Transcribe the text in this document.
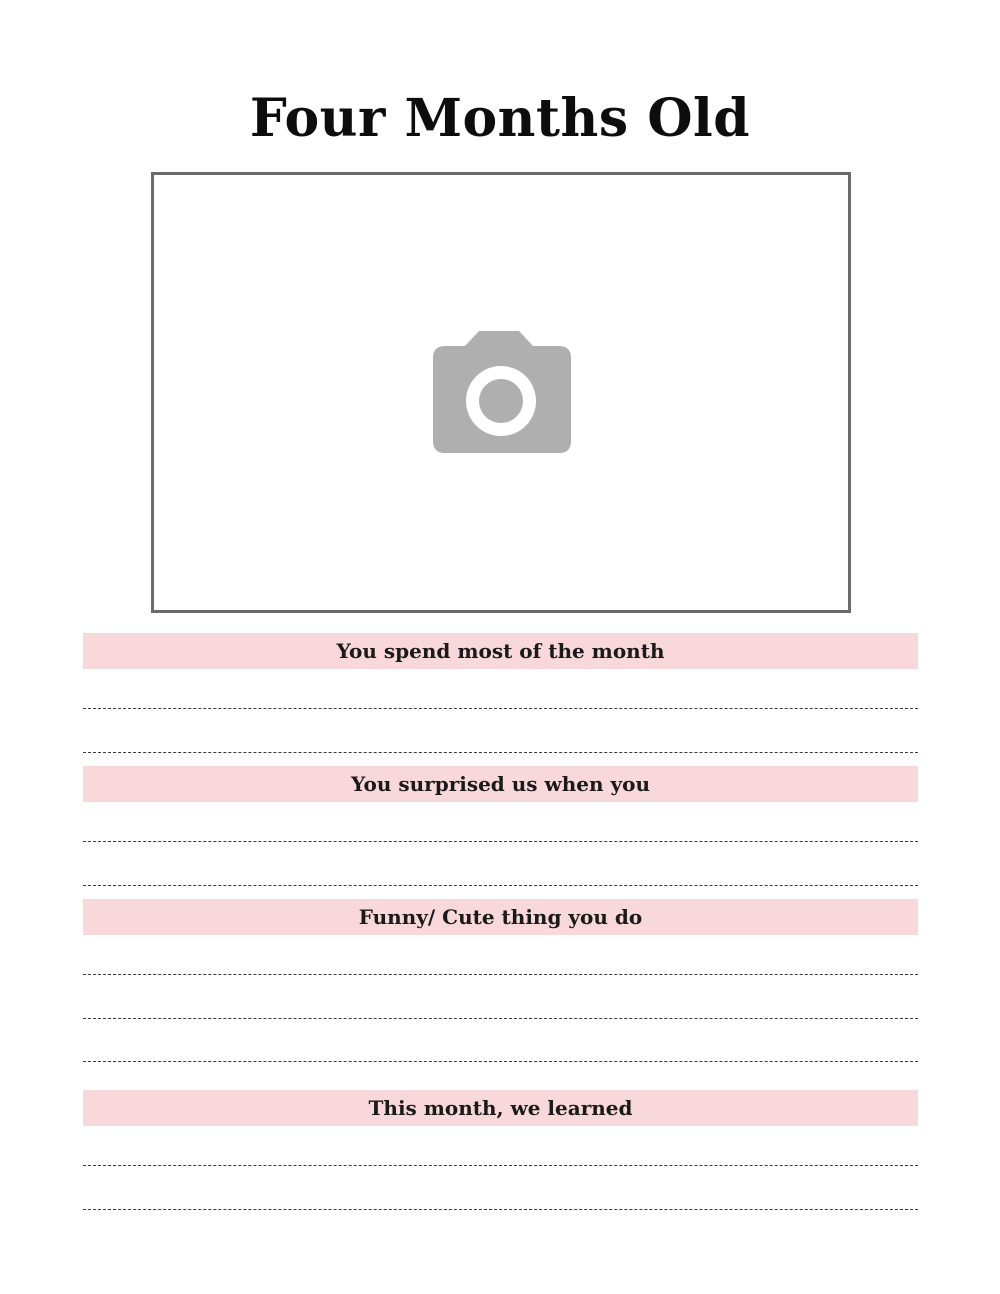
Four Months Old
You spend most of the month
You surprised us when you
Funny/ Cute thing you do
This month, we learned
